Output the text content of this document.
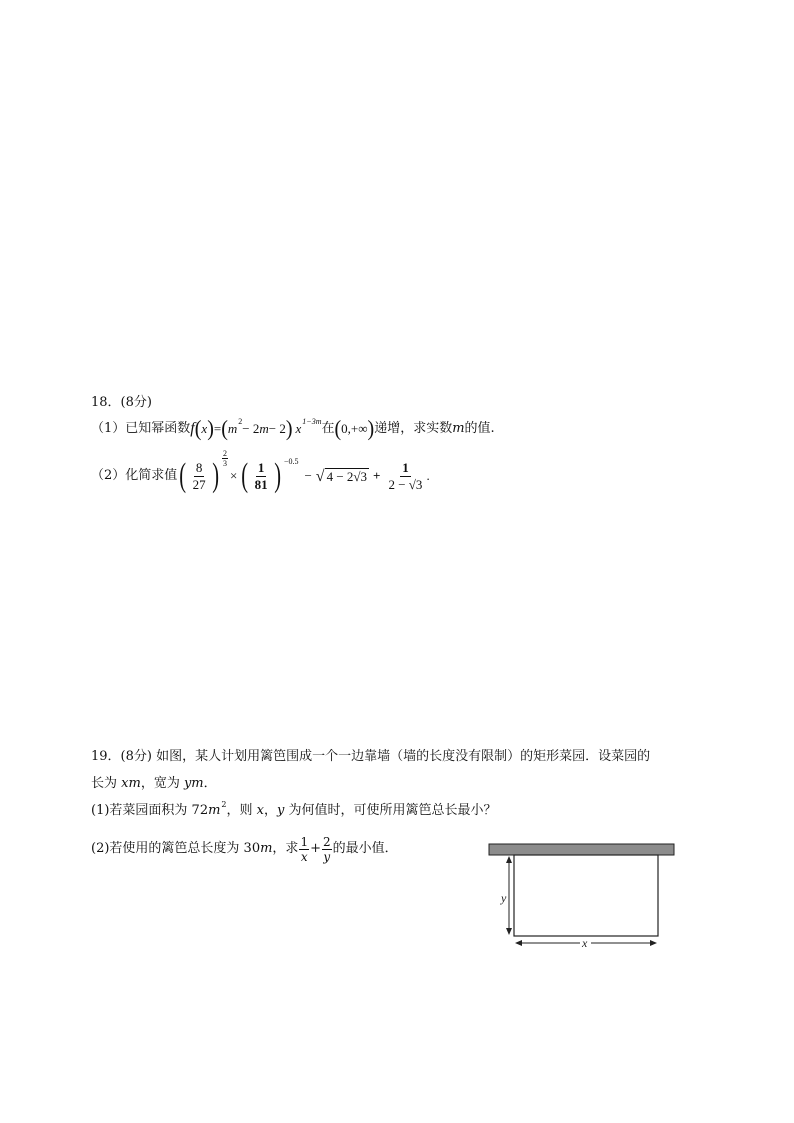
18．(8分)
（1）已知幂函数 f ( x ) = ( m 2 − 2 m − 2 ) x 1−3m 在 ( 0,+∞ ) 递增，求实数 m 的值.
（2）化简求值 ( $\frac{8}{27}$ ) $\frac{2}{3}$
× ( $\frac{1}{81}$ ) −0.5
− √ $4 - 2√3 + \frac{1}{2 - √3}$ .
19．(8分) 如图，某人计划用篱笆围成一个一边靠墙（墙的长度没有限制）的矩形菜园．设菜园的
长为 xm，宽为 ym．
(1)若菜园面积为 $72m^2$，则 x，y 为何值时，可使所用篱笆总长最小？
(2)若使用的篱笆总长度为 30 m ，求 $\frac{1}{x} + \frac{2}{y}$ 的最小值．
y
x
